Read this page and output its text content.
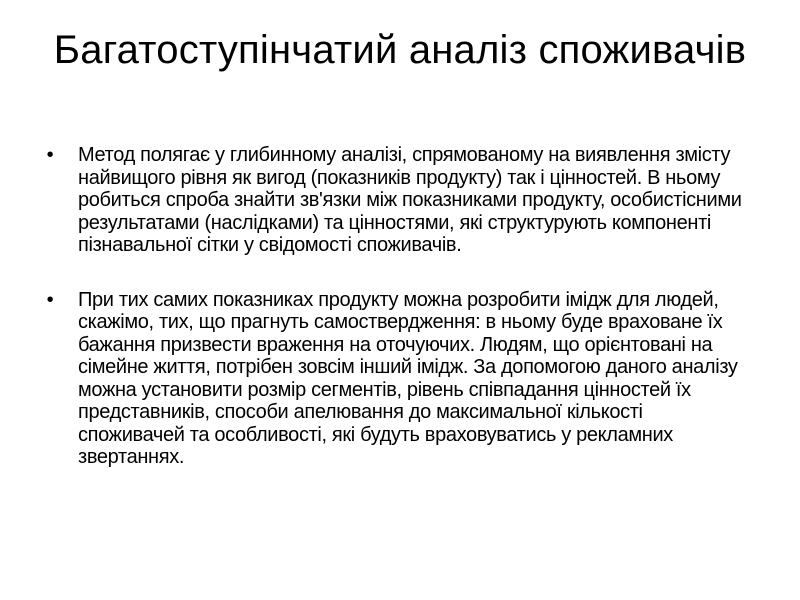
Багатоступінчатий аналіз споживачів
•	Метод полягає у глибинному аналізі, спрямованому на виявлення змісту найвищого рівня як вигод (показників продукту) так і цінностей. В ньому робиться спроба знайти зв'язки між показниками продукту, особистісними результатами (наслідками) та цінностями, які структурують компоненті пізнавальної сітки у свідомості споживачів.
•	При тих самих показниках продукту можна розробити імідж для людей, скажімо, тих, що прагнуть самоствердження: в ньому буде враховане їх бажання призвести враження на оточуючих. Людям, що орієнтовані на сімейне життя, потрібен зовсім інший імідж. За допомогою даного аналізу можна установити розмір сегментів, рівень співпадання цінностей їх представників, способи апелювання до максимальної кількості споживачей та особливості, які будуть враховуватись у рекламних звертаннях.
